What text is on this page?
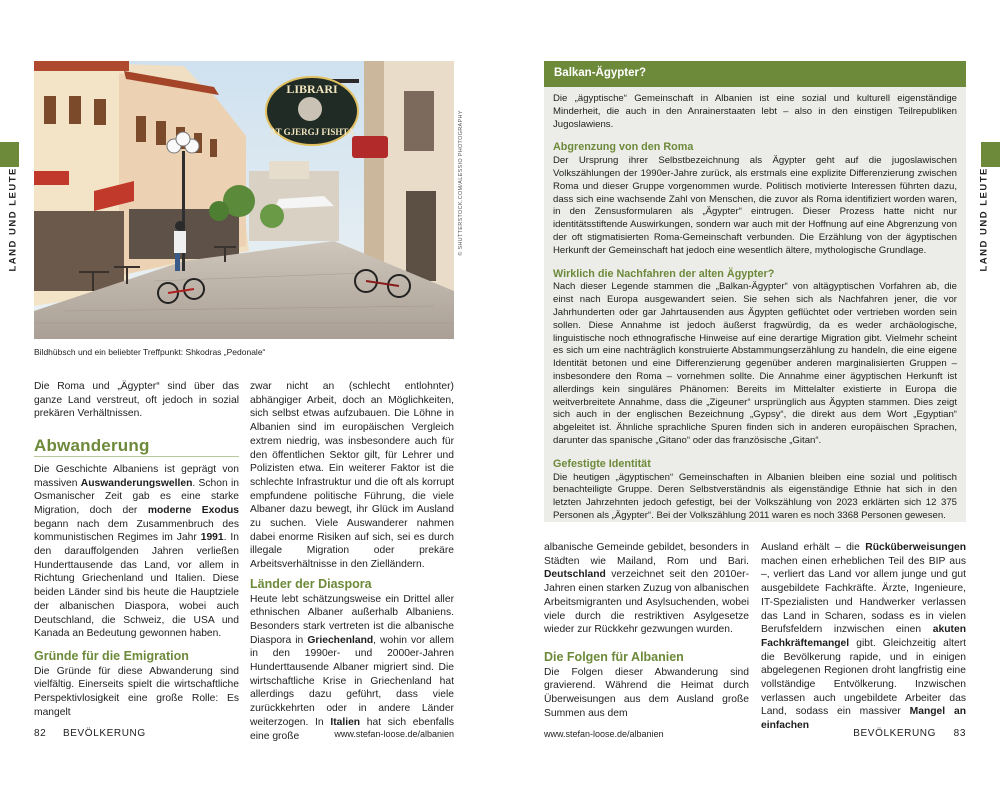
LAND UND LEUTE
LIBRARI
AT GJERGJ FISHTA	© SHUTTERSTOCK.COM/ALESSIO PHOTOGRAPHY
Bildhübsch und ein beliebter Treffpunkt: Shkodras „Pedonale“

Die Roma und „Ägypter“ sind über das ganze Land verstreut, oft jedoch in sozial prekären Verhältnissen.

Abwanderung

Die Geschichte Albaniens ist geprägt von massiven Auswanderungswellen. Schon in Osmanischer Zeit gab es eine starke Migration, doch der moderne Exodus begann nach dem Zusammenbruch des kommunistischen Regimes im Jahr 1991. In den darauffolgenden Jahren verließen Hunderttausende das Land, vor allem in Richtung Griechenland und Italien. Diese beiden Länder sind bis heute die Hauptziele der albanischen Diaspora, wobei auch Deutschland, die Schweiz, die USA und Kanada an Bedeutung gewonnen haben.

Gründe für die Emigration

Die Gründe für diese Abwanderung sind vielfältig. Einerseits spielt die wirtschaftliche Perspektivlosigkeit eine große Rolle: Es mangelt

zwar nicht an (schlecht entlohnter) abhängiger Arbeit, doch an Möglichkeiten, sich selbst etwas aufzubauen. Die Löhne in Albanien sind im europäischen Vergleich extrem niedrig, was insbesondere auch für den öffentlichen Sektor gilt, für Lehrer und Polizisten etwa. Ein weiterer Faktor ist die schlechte Infrastruktur und die oft als korrupt empfundene politische Führung, die viele Albaner dazu bewegt, ihr Glück im Ausland zu suchen. Viele Auswanderer nahmen dabei enorme Risiken auf sich, sei es durch illegale Migration oder prekäre Arbeitsverhältnisse in den Zielländern.

Länder der Diaspora

Heute lebt schätzungsweise ein Drittel aller ethnischen Albaner außerhalb Albaniens. Besonders stark vertreten ist die albanische Diaspora in Griechenland, wohin vor allem in den 1990er- und 2000er-Jahren Hunderttausende Albaner migriert sind. Die wirtschaftliche Krise in Griechenland hat allerdings dazu geführt, dass viele zurückkehrten oder in andere Länder weiterzogen. In Italien hat sich ebenfalls eine große

82 BEVÖLKERUNG	www.stefan-loose.de/albanien
LAND UND LEUTE
Balkan-Ägypter?

Die „ägyptische“ Gemeinschaft in Albanien ist eine sozial und kulturell eigenständige Minderheit, die auch in den Anrainerstaaten lebt – also in den einstigen Teilrepubliken Jugoslawiens.

Abgrenzung von den Roma

Der Ursprung ihrer Selbstbezeichnung als Ägypter geht auf die jugoslawischen Volkszählungen der 1990er-Jahre zurück, als erstmals eine explizite Differenzierung zwischen Roma und dieser Gruppe vorgenommen wurde. Politisch motivierte Interessen führten dazu, dass sich eine wachsende Zahl von Menschen, die zuvor als Roma identifiziert worden waren, in den Zensusformularen als „Ägypter“ eintrugen. Dieser Prozess hatte nicht nur identitätsstiftende Auswirkungen, sondern war auch mit der Hoffnung auf eine Abgrenzung von der oft stigmatisierten Roma-Gemeinschaft verbunden. Die Erzählung von der ägyptischen Herkunft der Gemeinschaft hat jedoch eine wesentlich ältere, mythologische Grundlage.

Wirklich die Nachfahren der alten Ägypter?

Nach dieser Legende stammen die „Balkan-Ägypter“ von altägyptischen Vorfahren ab, die einst nach Europa ausgewandert seien. Sie sehen sich als Nachfahren jener, die vor Jahrhunderten oder gar Jahrtausenden aus Ägypten geflüchtet oder vertrieben worden sein sollen. Diese Annahme ist jedoch äußerst fragwürdig, da es weder archäologische, linguistische noch ethnografische Hinweise auf eine derartige Migration gibt. Vielmehr scheint es sich um eine nachträglich konstruierte Abstammungserzählung zu handeln, die eine eigene Identität betonen und eine Differenzierung gegenüber anderen marginalisierten Gruppen – insbesondere den Roma – vornehmen sollte. Die Annahme einer ägyptischen Herkunft ist allerdings kein singuläres Phänomen: Bereits im Mittelalter existierte in Europa die weitverbreitete Annahme, dass die „Zigeuner“ ursprünglich aus Ägypten stammen. Dies zeigt sich auch in der englischen Bezeichnung „Gypsy“, die direkt aus dem Wort „Egyptian“ abgeleitet ist. Ähnliche sprachliche Spuren finden sich in anderen europäischen Sprachen, darunter das spanische „Gitano“ oder das französische „Gitan“.

Gefestigte Identität

Die heutigen „ägyptischen“ Gemeinschaften in Albanien bleiben eine sozial und politisch benachteiligte Gruppe. Deren Selbstverständnis als eigenständige Ethnie hat sich in den letzten Jahrzehnten jedoch gefestigt, bei der Volkszählung von 2023 erklärten sich 12 375 Personen als „Ägypter“. Bei der Volkszählung 2011 waren es noch 3368 Personen gewesen.

albanische Gemeinde gebildet, besonders in Städten wie Mailand, Rom und Bari. Deutschland verzeichnet seit den 2010er-Jahren einen starken Zuzug von albanischen Arbeitsmigranten und Asylsuchenden, wobei viele durch die restriktiven Asylgesetze wieder zur Rückkehr gezwungen wurden.

Die Folgen für Albanien

Die Folgen dieser Abwanderung sind gravierend. Während die Heimat durch Überweisungen aus dem Ausland große Summen aus dem

Ausland erhält – die Rücküberweisungen machen einen erheblichen Teil des BIP aus –, verliert das Land vor allem junge und gut ausgebildete Fachkräfte. Ärzte, Ingenieure, IT-Spezialisten und Handwerker verlassen das Land in Scharen, sodass es in vielen Berufsfeldern inzwischen einen akuten Fachkräftemangel gibt. Gleichzeitig altert die Bevölkerung rapide, und in einigen abgelegenen Regionen droht langfristig eine vollständige Entvölkerung. Inzwischen verlassen auch ungebildete Arbeiter das Land, sodass ein massiver Mangel an einfachen

www.stefan-loose.de/albanien	BEVÖLKERUNG	83
